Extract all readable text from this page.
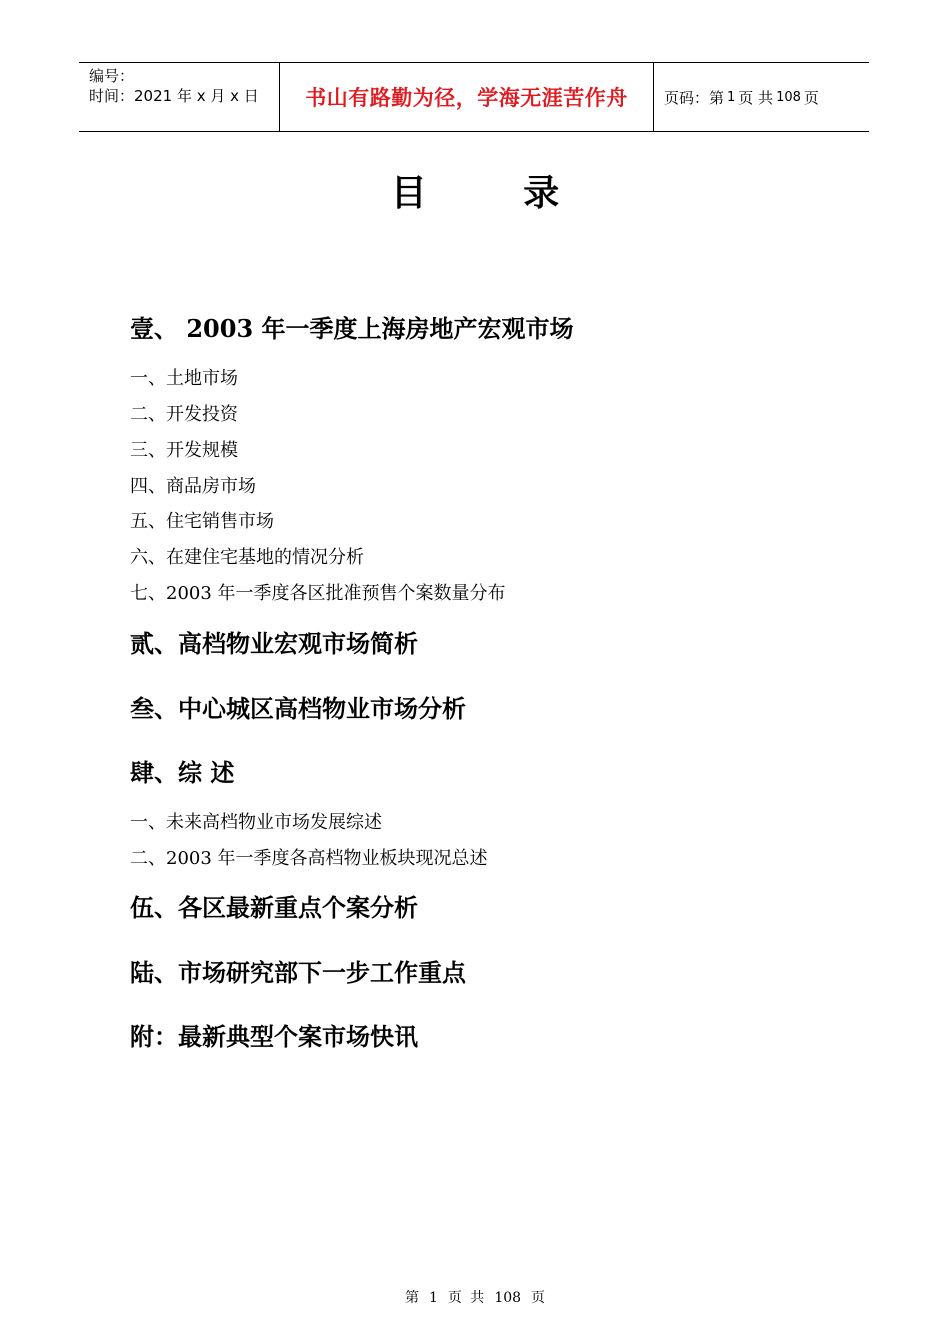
编号：
时间：2021 年 x 月 x 日	书山有路勤为径，学海无涯苦作舟 页码：第 1 页 共 108 页
目	录
壹、 2003 年一季度上海房地产宏观市场
一、土地市场
二、开发投资
三、开发规模
四、商品房市场
五、住宅销售市场
六、在建住宅基地的情况分析
七、2003 年一季度各区批准预售个案数量分布
贰、高档物业宏观市场简析
叁、中心城区高档物业市场分析
肆、综 述
一、未来高档物业市场发展综述
二、2003 年一季度各高档物业板块现况总述
伍、各区最新重点个案分析
陆、市场研究部下一步工作重点
附：最新典型个案市场快讯
第 1 页 共 108 页
